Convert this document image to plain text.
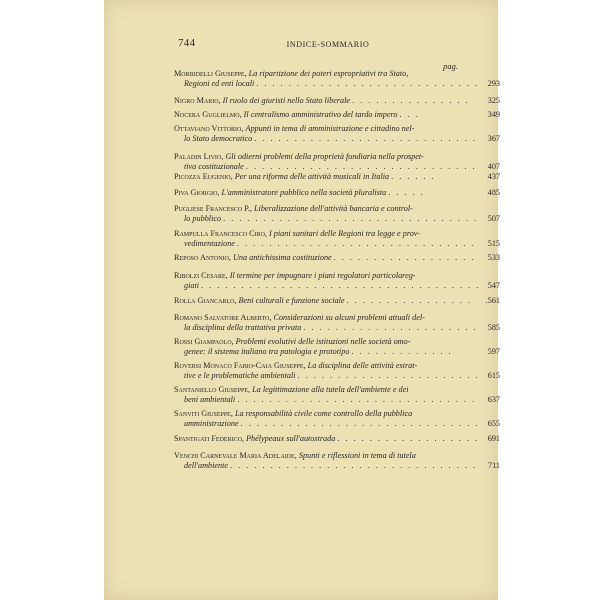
744	INDICE-SOMMARIO
pag.
Morbidelli Giuseppe, La ripartizione dei poteri espropriativi tra Stato,
Regioni ed enti locali . . . . . . . . . . . . . . . . . . . . . . . . . . . . 293
Nigro Mario, Il ruolo dei giuristi nello Stato liberale . . . . . . . . . . . . . . . 325
Nocera Guglielmo, Il centralismo amministrativo del tardo impero . . .	349
Ottaviano Vittorio, Appunti in tema di amministrazione e cittadino nel-
lo Stato democratico . . . . . . . . . . . . . . . . . . . . . . . . . . . . 367
Paladin Livio, Gli odierni problemi della proprietà fondiaria nella prospet-
tiva costituzionale . . . . . . . . . . . . . . . . . . . . . . . . . . . . . 407
Picozza Eugenio, Per una riforma delle attività musicali in Italia . . . . . .	437
Piva Giorgio, L'amministratore pubblico nella società pluralista . . . . .	485
Pugliese Francesco P., Liberalizzazione dell'attività bancaria e control-
lo pubblico . . . . . . . . . . . . . . . . . . . . . . . . . . . . . . . . 507
Rampulla Francesco Ciro, I piani sanitari delle Regioni tra legge e prov-
vedimentazione . . . . . . . . . . . . . . . . . . . . . . . . . . . . . . 515
Reposo Antonio, Una antichissima costituzione . . . . . . . . . . . . . . . . . . 533
Ribolzi Cesare, Il termine per impugnare i piani regolatori particolareg-
giati . . . . . . . . . . . . . . . . . . . . . . . . . . . . . . . . . . . 547
Rolla Giancarlo, Beni culturali e funzione sociale . . . . . . . . . . . . . . . . .561
Romano Salvatore Alberto, Considerazioni su alcuni problemi attuali del-
la disciplina della trattativa privata . . . . . . . . . . . . . . . . . . . . . . 585
Rossi Giampaolo, Problemi evolutivi delle istituzioni nelle società omo-
genee: il sistema italiano tra patologia e prototipo . . . . . . . . . . . . .	597
Roversi Monaco Fabio-Caia Giuseppe, La disciplina delle attività estrat-
tive e le problematiche ambientali . . . . . . . . . . . . . . . . . . . . . . . 615
Santaniello Giuseppe, La legittimazione alla tutela dell'ambiente e dei
beni ambientali . . . . . . . . . . . . . . . . . . . . . . . . . . . . . . 637
Sanviti Giuseppe, La responsabilità civile come controllo della pubblica
amministrazione . . . . . . . . . . . . . . . . . . . . . . . . . . . . . . 655
Spantigati Federico, Phélypeaux sull'autostrada . . . . . . . . . . . . . . . . . . 691
Venchi Carnevale Maria Adelaide, Spunti e riflessioni in tema di tutela
dell'ambiente . . . . . . . . . . . . . . . . . . . . . . . . . . . . . . . 711
